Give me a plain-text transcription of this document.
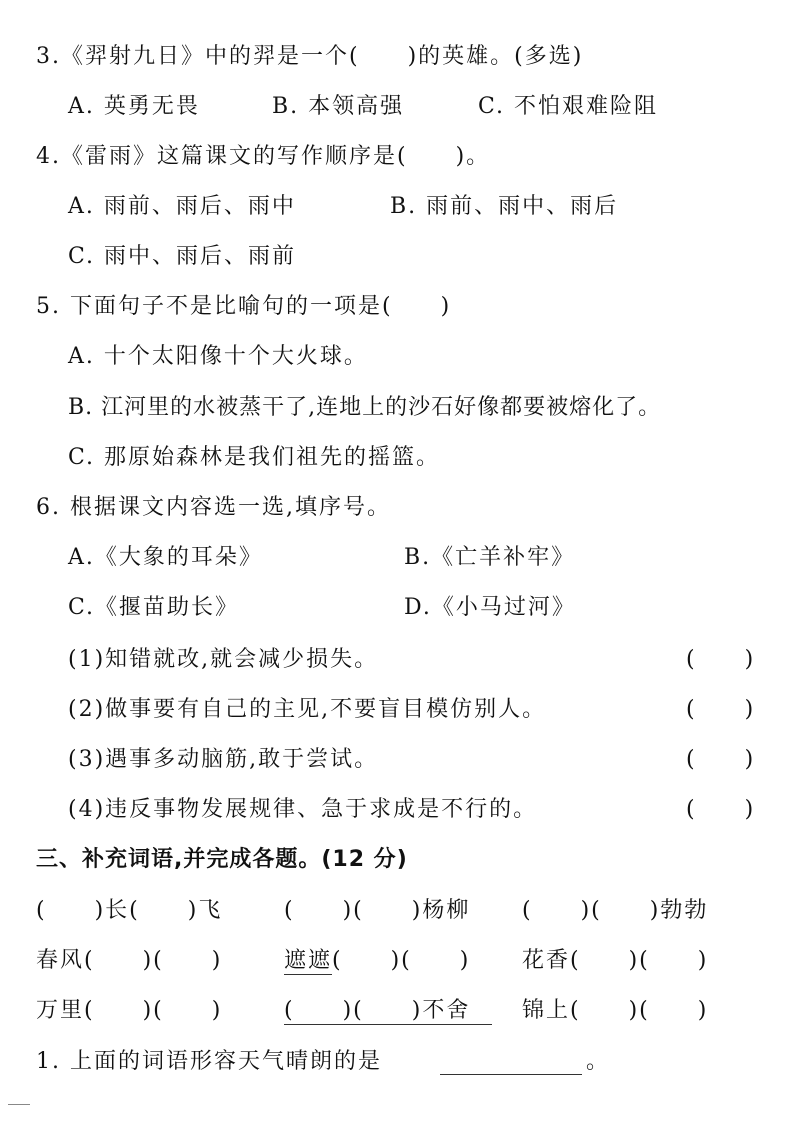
3.《羿射九日》中的羿是一个(　　)的英雄。(多选)
A. 英勇无畏	B. 本领高强	C. 不怕艰难险阻
4.《雷雨》这篇课文的写作顺序是(　　)。
A. 雨前、雨后、雨中	B. 雨前、雨中、雨后
C. 雨中、雨后、雨前
5. 下面句子不是比喻句的一项是(　　)
A. 十个太阳像十个大火球。
B. 江河里的水被蒸干了,连地上的沙石好像都要被熔化了。
C. 那原始森林是我们祖先的摇篮。
6. 根据课文内容选一选,填序号。
A.《大象的耳朵》	B.《亡羊补牢》
C.《揠苗助长》	D.《小马过河》
(1)知错就改,就会减少损失。	(　　)
(2)做事要有自己的主见,不要盲目模仿别人。	(　　)
(3)遇事多动脑筋,敢于尝试。	(　　)
(4)违反事物发展规律、急于求成是不行的。	(　　)
三、补充词语,并完成各题。(12 分)
(　　)长(　　)飞	(　　)(　　)杨柳 (　　)(　　)勃勃
春风(　　)(　　)	遮遮(　　)(　　) 花香(　　)(　　)
万里(　　)(　　)	(　　)(　　)不舍 锦上(　　)(　　)
1. 上面的词语形容天气晴朗的是	。
